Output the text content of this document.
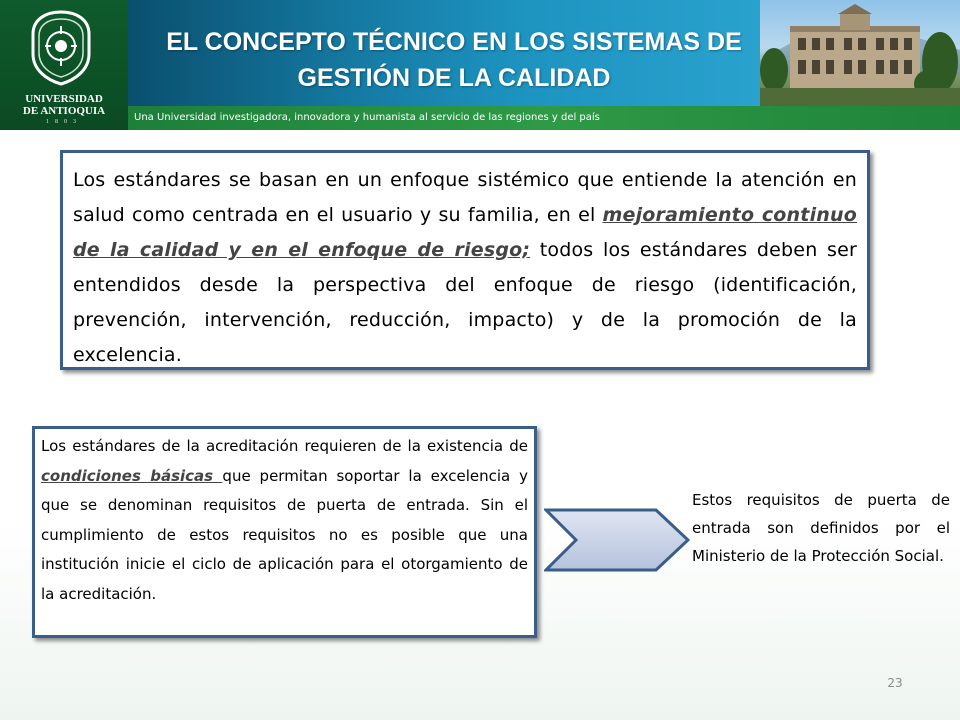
UNIVERSIDAD
DE ANTIOQUIA
1803
EL CONCEPTO TÉCNICO EN LOS SISTEMAS DE
GESTIÓN DE LA CALIDAD
Una Universidad investigadora, innovadora y humanista al servicio de las regiones y del país

Los estándares se basan en un enfoque sistémico que entiende la atención en salud como centrada en el usuario y su familia, en el mejoramiento continuo de la calidad y en el enfoque de riesgo; todos los estándares deben ser entendidos desde la perspectiva del enfoque de riesgo (identificación, prevención, intervención, reducción, impacto) y de la promoción de la excelencia.

Los estándares de la acreditación requieren de la existencia de condiciones básicas que permitan soportar la excelencia y que se denominan requisitos de puerta de entrada. Sin el cumplimiento de estos requisitos no es posible que una institución inicie el ciclo de aplicación para el otorgamiento de la acreditación.

Estos requisitos de puerta de entrada son definidos por el Ministerio de la Protección Social.

23
